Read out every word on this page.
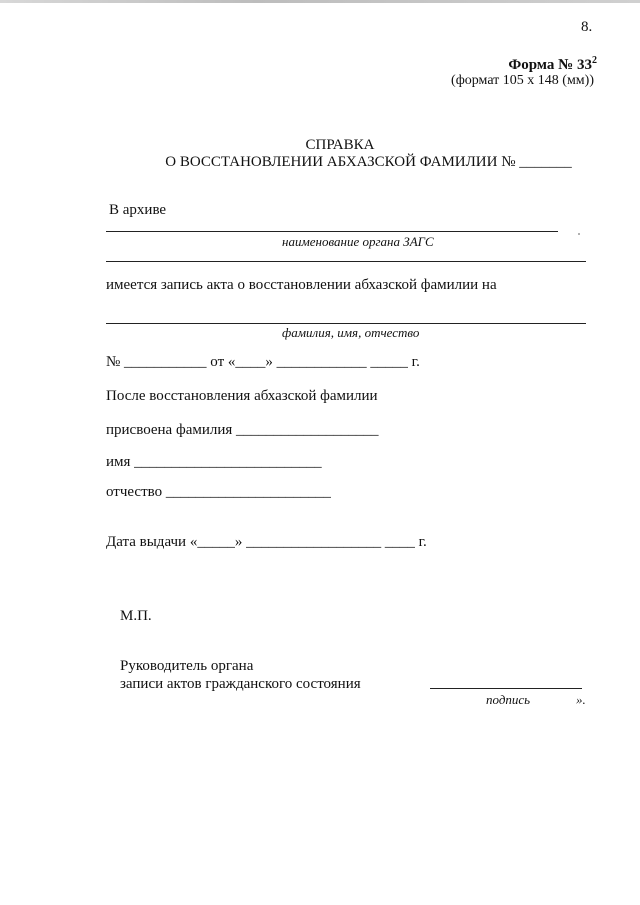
8.
Форма № $33^2$
(формат 105 х 148 (мм))
СПРАВКА
О ВОССТАНОВЛЕНИИ АБХАЗСКОЙ ФАМИЛИИ № _______
В архиве
наименование органа ЗАГС
имеется запись акта о восстановлении абхазской фамилии на
фамилия, имя, отчество
№ ___________ от «____» ____________ _____ г.
После восстановления абхазской фамилии
присвоена фамилия ___________________
имя _________________________
отчество ______________________
Дата выдачи «_____» __________________ ____ г.
М.П.
Руководитель органа
записи актов гражданского состояния
подпись	».
